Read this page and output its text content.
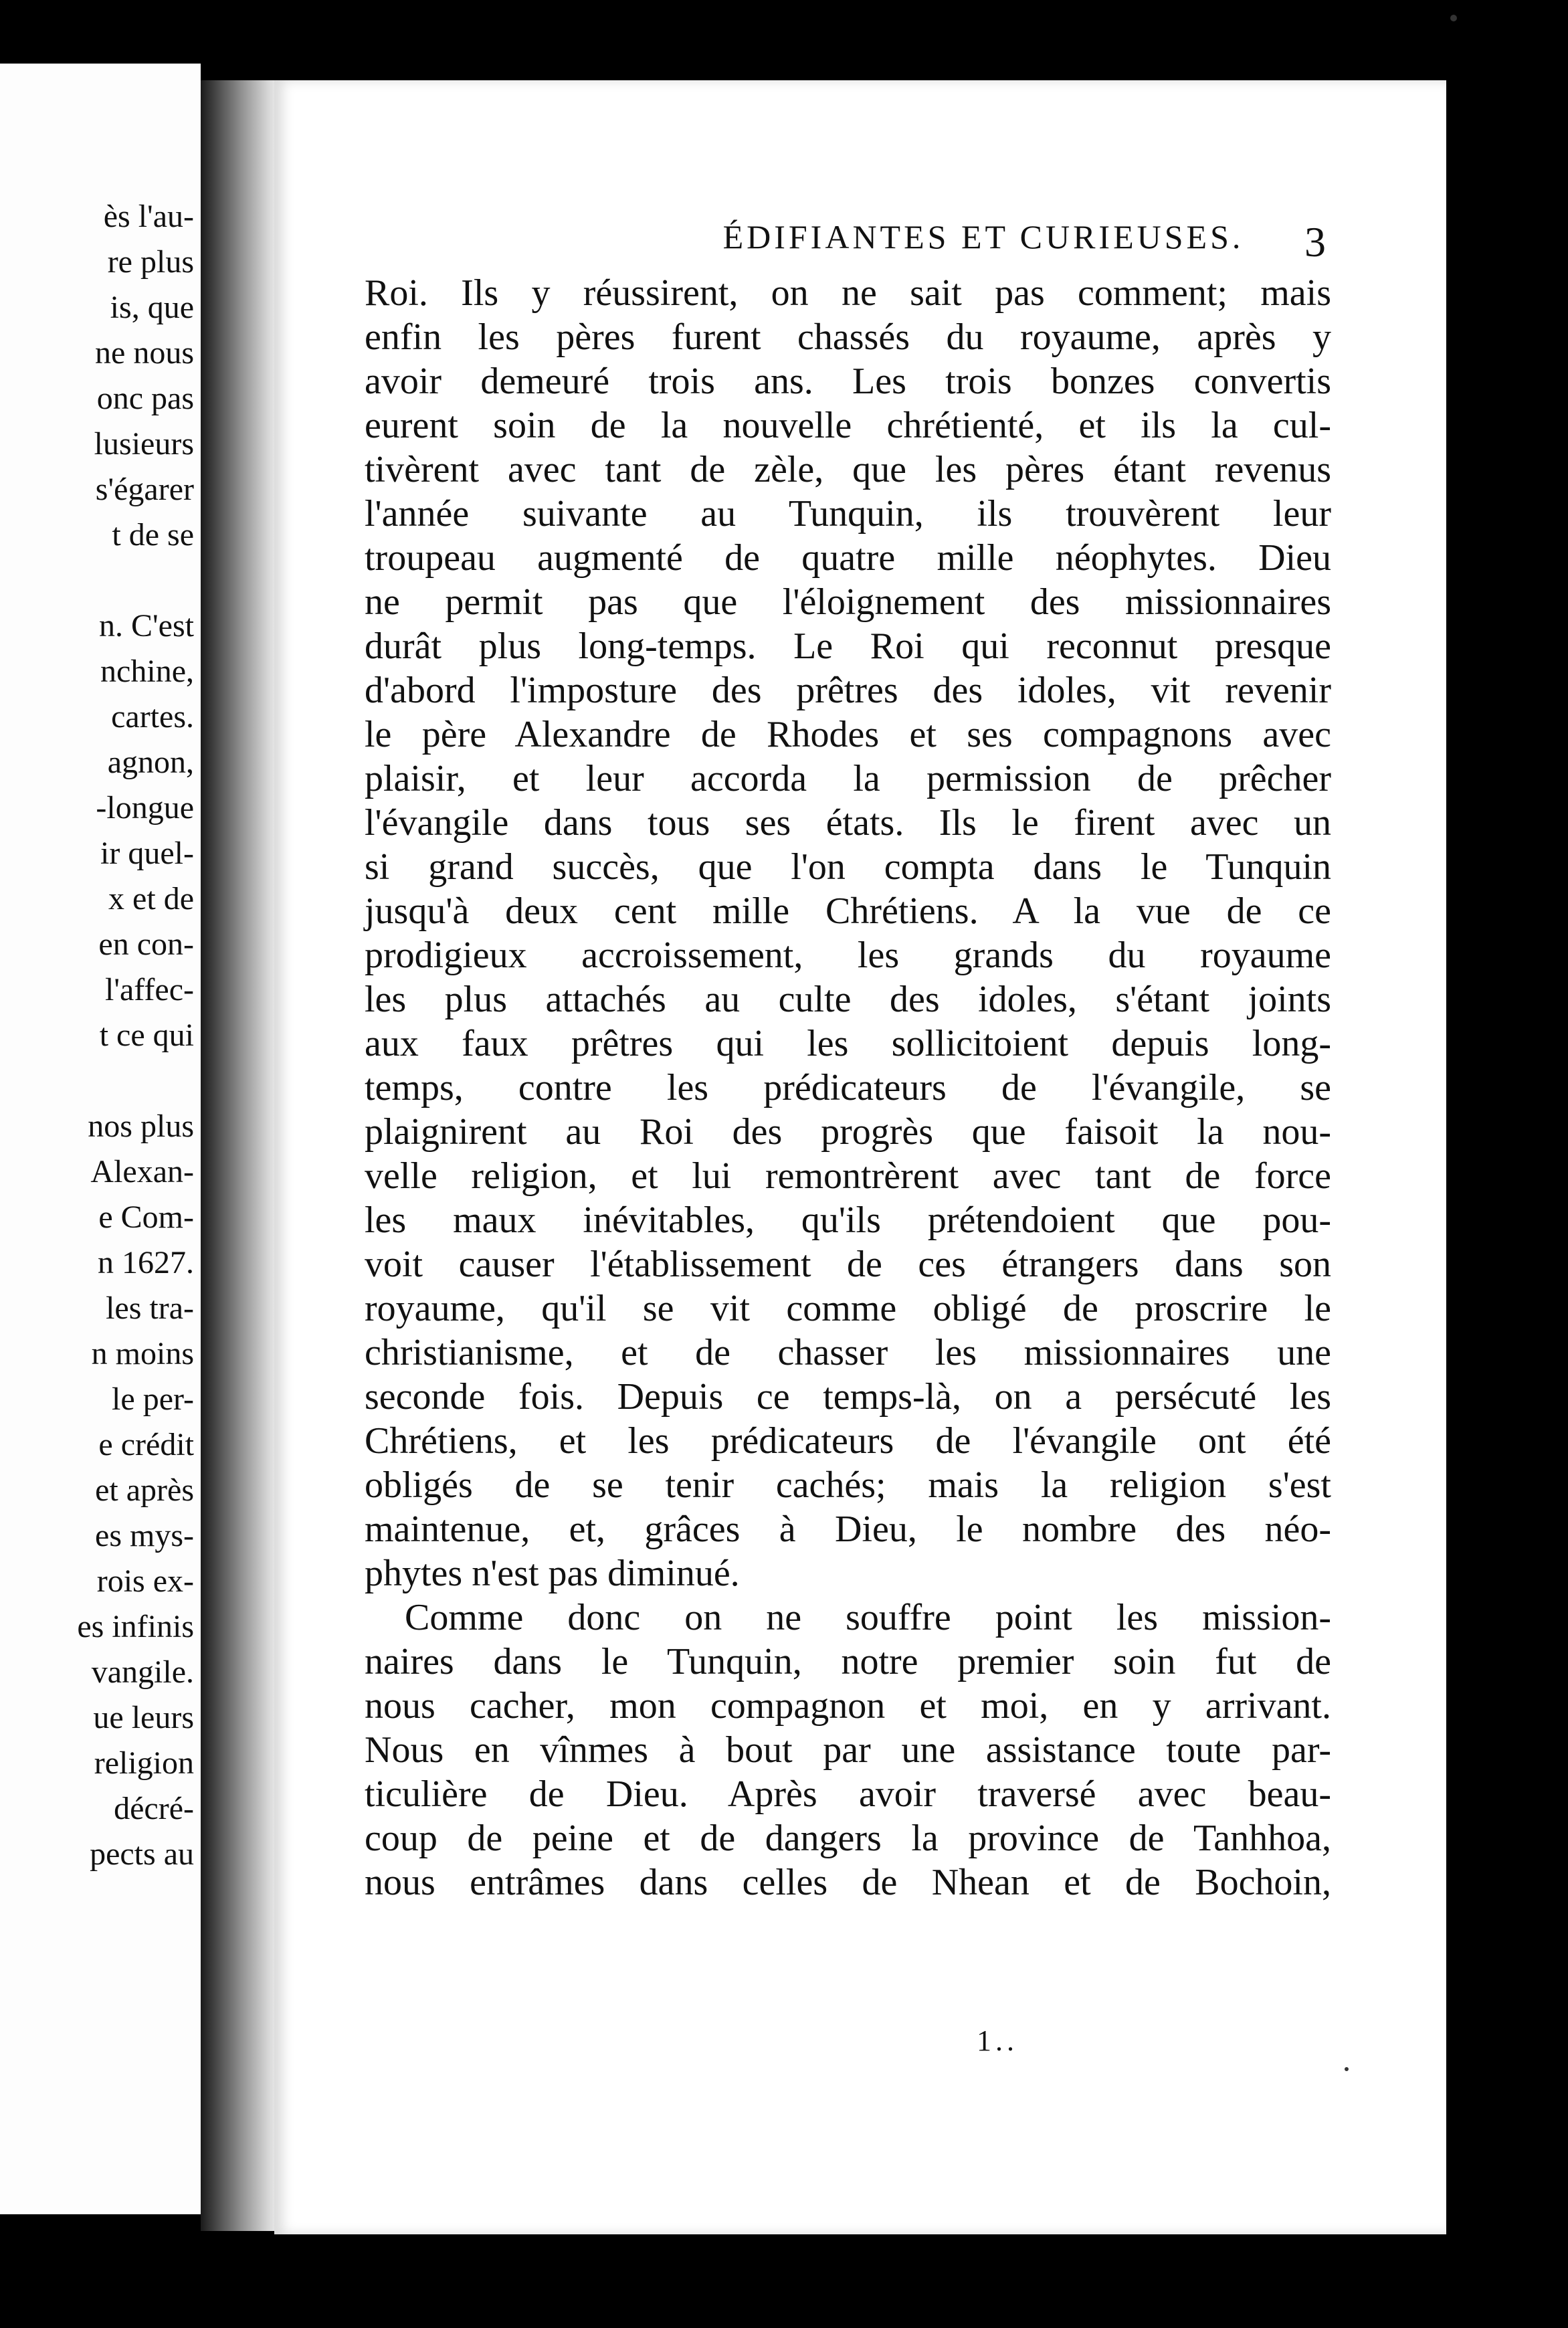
ès l'au-
re plus
is, que
ne nous
onc pas
lusieurs
s'égarer
t de se
n. C'est
nchine,
cartes.
agnon,
-longue
ir quel-
x et de
en con-
l'affec-
t ce qui
nos plus
Alexan-
e Com-
n 1627.
les tra-
n moins
le per-
e crédit
et après
es mys-
rois ex-
es infinis
vangile.
ue leurs
religion
décré-
pects au
ÉDIFIANTES ET CURIEUSES.	3
Roi. Ils y réussirent, on ne sait pas comment; mais
enfin les pères furent chassés du royaume, après y
avoir demeuré trois ans. Les trois bonzes convertis
eurent soin de la nouvelle chrétienté, et ils la cul-
tivèrent avec tant de zèle, que les pères étant revenus
l'année suivante au Tunquin, ils trouvèrent leur
troupeau augmenté de quatre mille néophytes. Dieu
ne permit pas que l'éloignement des missionnaires
durât plus long-temps. Le Roi qui reconnut presque
d'abord l'imposture des prêtres des idoles, vit revenir
le père Alexandre de Rhodes et ses compagnons avec
plaisir, et leur accorda la permission de prêcher
l'évangile dans tous ses états. Ils le firent avec un
si grand succès, que l'on compta dans le Tunquin
jusqu'à deux cent mille Chrétiens. A la vue de ce
prodigieux accroissement, les grands du royaume
les plus attachés au culte des idoles, s'étant joints
aux faux prêtres qui les sollicitoient depuis long-
temps, contre les prédicateurs de l'évangile, se
plaignirent au Roi des progrès que faisoit la nou-
velle religion, et lui remontrèrent avec tant de force
les maux inévitables, qu'ils prétendoient que pou-
voit causer l'établissement de ces étrangers dans son
royaume, qu'il se vit comme obligé de proscrire le
christianisme, et de chasser les missionnaires une
seconde fois. Depuis ce temps-là, on a persécuté les
Chrétiens, et les prédicateurs de l'évangile ont été
obligés de se tenir cachés; mais la religion s'est
maintenue, et, grâces à Dieu, le nombre des néo-
phytes n'est pas diminué.
Comme donc on ne souffre point les mission-
naires dans le Tunquin, notre premier soin fut de
nous cacher, mon compagnon et moi, en y arrivant.
Nous en vînmes à bout par une assistance toute par-
ticulière de Dieu. Après avoir traversé avec beau-
coup de peine et de dangers la province de Tanhhoa,
nous entrâmes dans celles de Nhean et de Bochoin,
1..
